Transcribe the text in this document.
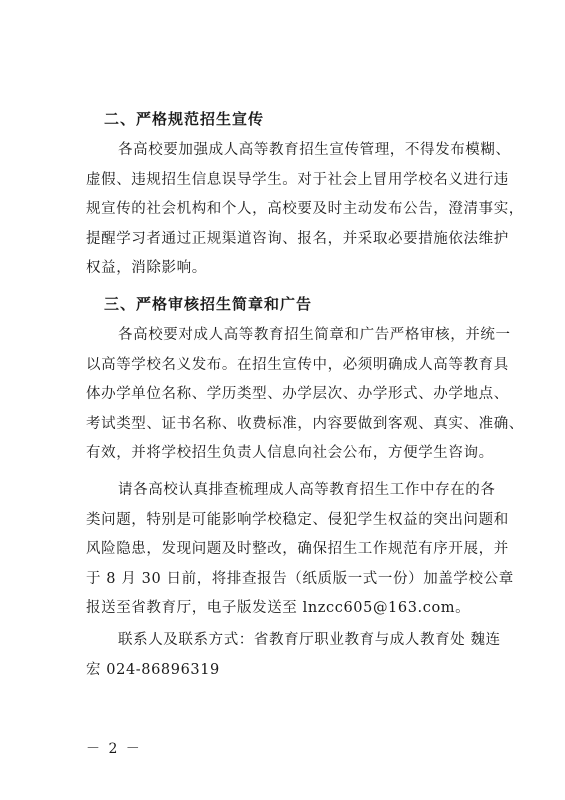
二、严格规范招生宣传
各高校要加强成人高等教育招生宣传管理，不得发布模糊、
虚假、违规招生信息误导学生。对于社会上冒用学校名义进行违
规宣传的社会机构和个人，高校要及时主动发布公告，澄清事实，
提醒学习者通过正规渠道咨询、报名，并采取必要措施依法维护
权益，消除影响。
三、严格审核招生简章和广告
各高校要对成人高等教育招生简章和广告严格审核，并统一
以高等学校名义发布。在招生宣传中，必须明确成人高等教育具
体办学单位名称、学历类型、办学层次、办学形式、办学地点、
考试类型、证书名称、收费标准，内容要做到客观、真实、准确、
有效，并将学校招生负责人信息向社会公布，方便学生咨询。
请各高校认真排查梳理成人高等教育招生工作中存在的各
类问题，特别是可能影响学校稳定、侵犯学生权益的突出问题和
风险隐患，发现问题及时整改，确保招生工作规范有序开展，并
于 8 月 30 日前，将排查报告（纸质版一式一份）加盖学校公章
报送至省教育厅，电子版发送至 lnzcc605@163.com。
联系人及联系方式：省教育厅职业教育与成人教育处 魏连
宏 024-86896319
－ 2 －
